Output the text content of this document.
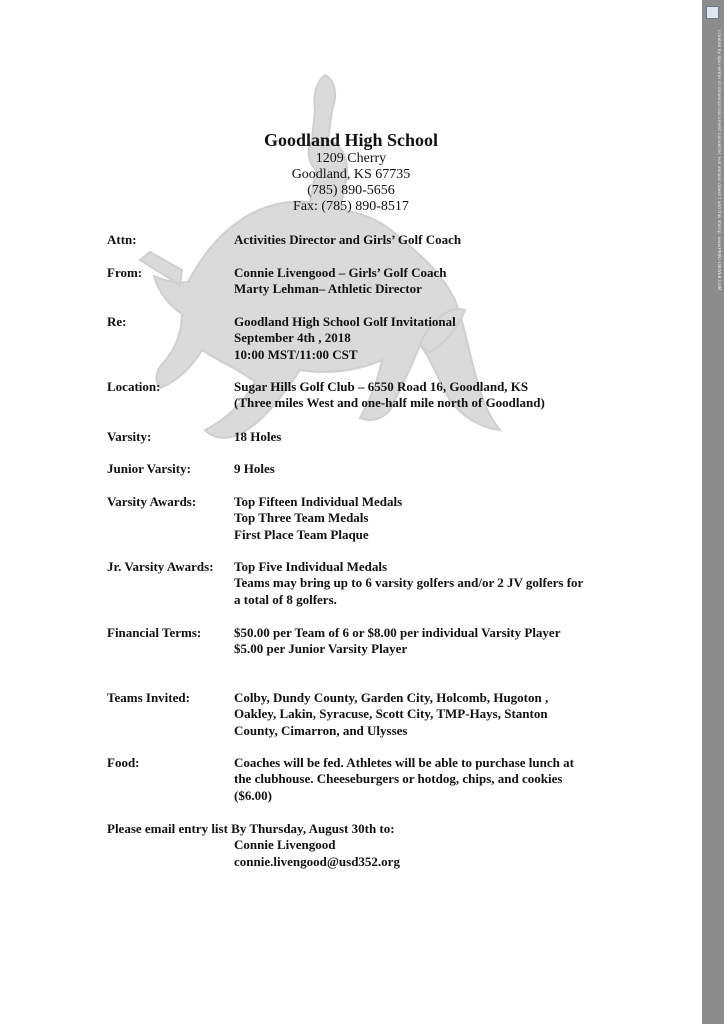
Goodland High School
1209 Cherry
Goodland, KS 67735
(785) 890-5656
Fax: (785) 890-8517
Attn:	Activities Director and Girls’ Golf Coach
From:	Connie Livengood – Girls’ Golf Coach
Marty Lehman– Athletic Director
Re:	Goodland High School Golf Invitational
September 4th , 2018
10:00 MST/11:00 CST
Location:	Sugar Hills Golf Club – 6550 Road 16, Goodland, KS
(Three miles West and one-half mile north of Goodland)
Varsity:	18 Holes
Junior Varsity:	9 Holes
Varsity Awards:	Top Fifteen Individual Medals
Top Three Team Medals
First Place Team Plaque
Jr. Varsity Awards: Top Five Individual Medals
Teams may bring up to 6 varsity golfers and/or 2 JV golfers for
a total of 8 golfers.
Financial Terms:	$50.00 per Team of 6 or $8.00 per individual Varsity Player
$5.00 per Junior Varsity Player
Teams Invited:	Colby, Dundy County, Garden City, Holcomb, Hugoton ,
Oakley, Lakin, Syracuse, Scott City, TMP-Hays, Stanton
County, Cimarron, and Ulysses
Food:	Coaches will be fed. Athletes will be able to purchase lunch at
the clubhouse. Cheeseburgers or hotdog, chips, and cookies
($6.00)
Please email entry list By Thursday, August 30th to:
Connie Livengood
connie.livengood@usd352.org
Created by djvu-writer of Universal Document Converter. Full version doesn't add this stamp. www.PRINT-DRIVER.COM
